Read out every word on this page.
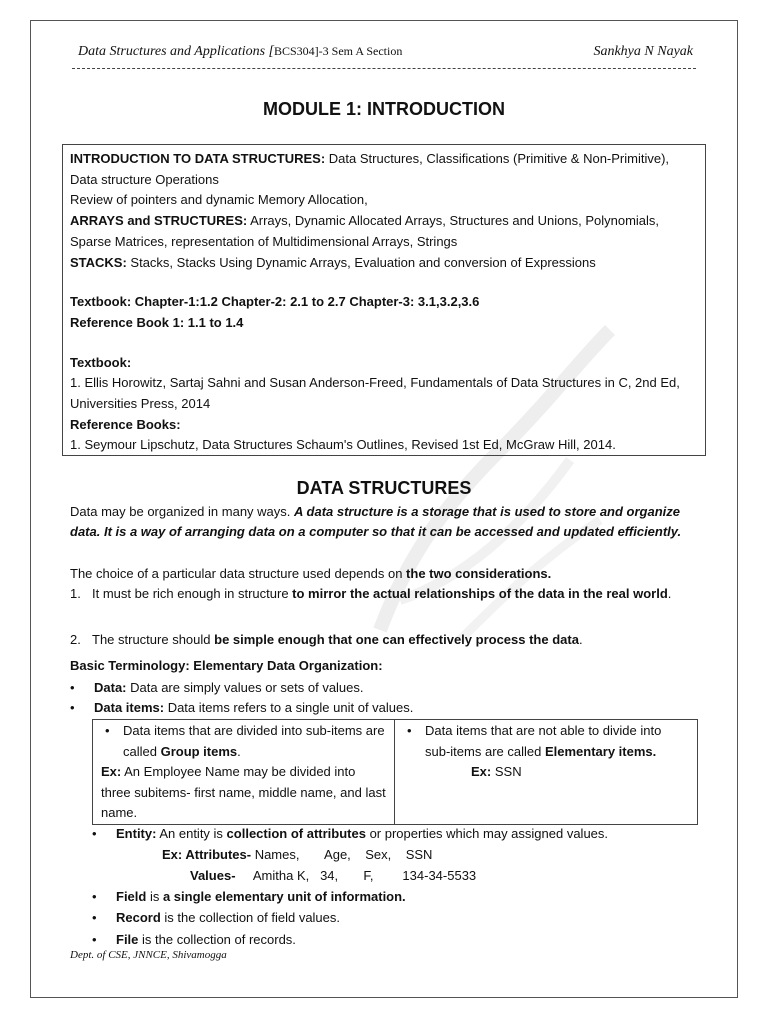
Data Structures and Applications [BCS304]-3 Sem A Section	Sankhya N Nayak
MODULE 1: INTRODUCTION

INTRODUCTION TO DATA STRUCTURES: Data Structures, Classifications (Primitive & Non-Primitive),

Data structure Operations

Review of pointers and dynamic Memory Allocation,

ARRAYS and STRUCTURES: Arrays, Dynamic Allocated Arrays, Structures and Unions, Polynomials,

Sparse Matrices, representation of Multidimensional Arrays, Strings

STACKS: Stacks, Stacks Using Dynamic Arrays, Evaluation and conversion of Expressions

Textbook: Chapter-1:1.2 Chapter-2: 2.1 to 2.7 Chapter-3: 3.1,3.2,3.6

Reference Book 1: 1.1 to 1.4

Textbook:

1. Ellis Horowitz, Sartaj Sahni and Susan Anderson-Freed, Fundamentals of Data Structures in C, 2nd Ed, Universities Press, 2014

Reference Books:

1. Seymour Lipschutz, Data Structures Schaum's Outlines, Revised 1st Ed, McGraw Hill, 2014.

DATA STRUCTURES
Data may be organized in many ways. A data structure is a storage that is used to store and organize data. It is a way of arranging data on a computer so that it can be accessed and updated efficiently.
The choice of a particular data structure used depends on the two considerations.
1. It must be rich enough in structure to mirror the actual relationships of the data in the real world.
2. The structure should be simple enough that one can effectively process the data.
Basic Terminology: Elementary Data Organization:
• Data: Data are simply values or sets of values.
• Data items: Data items refers to a single unit of values.
• Data items that are divided into sub-items are called Group items.
Ex: An Employee Name may be divided into three subitems- first name, middle name, and last name.
• Data items that are not able to divide into sub-items are called Elementary items.
Ex: SSN
• Entity: An entity is collection of attributes or properties which may assigned values.
Ex: Attributes- Names,       Age,    Sex,    SSN
Values-     Amitha K,   34,       F,        134-34-5533
• Field is a single elementary unit of information.
• Record is the collection of field values.
• File is the collection of records.
Dept. of CSE, JNNCE, Shivamogga
